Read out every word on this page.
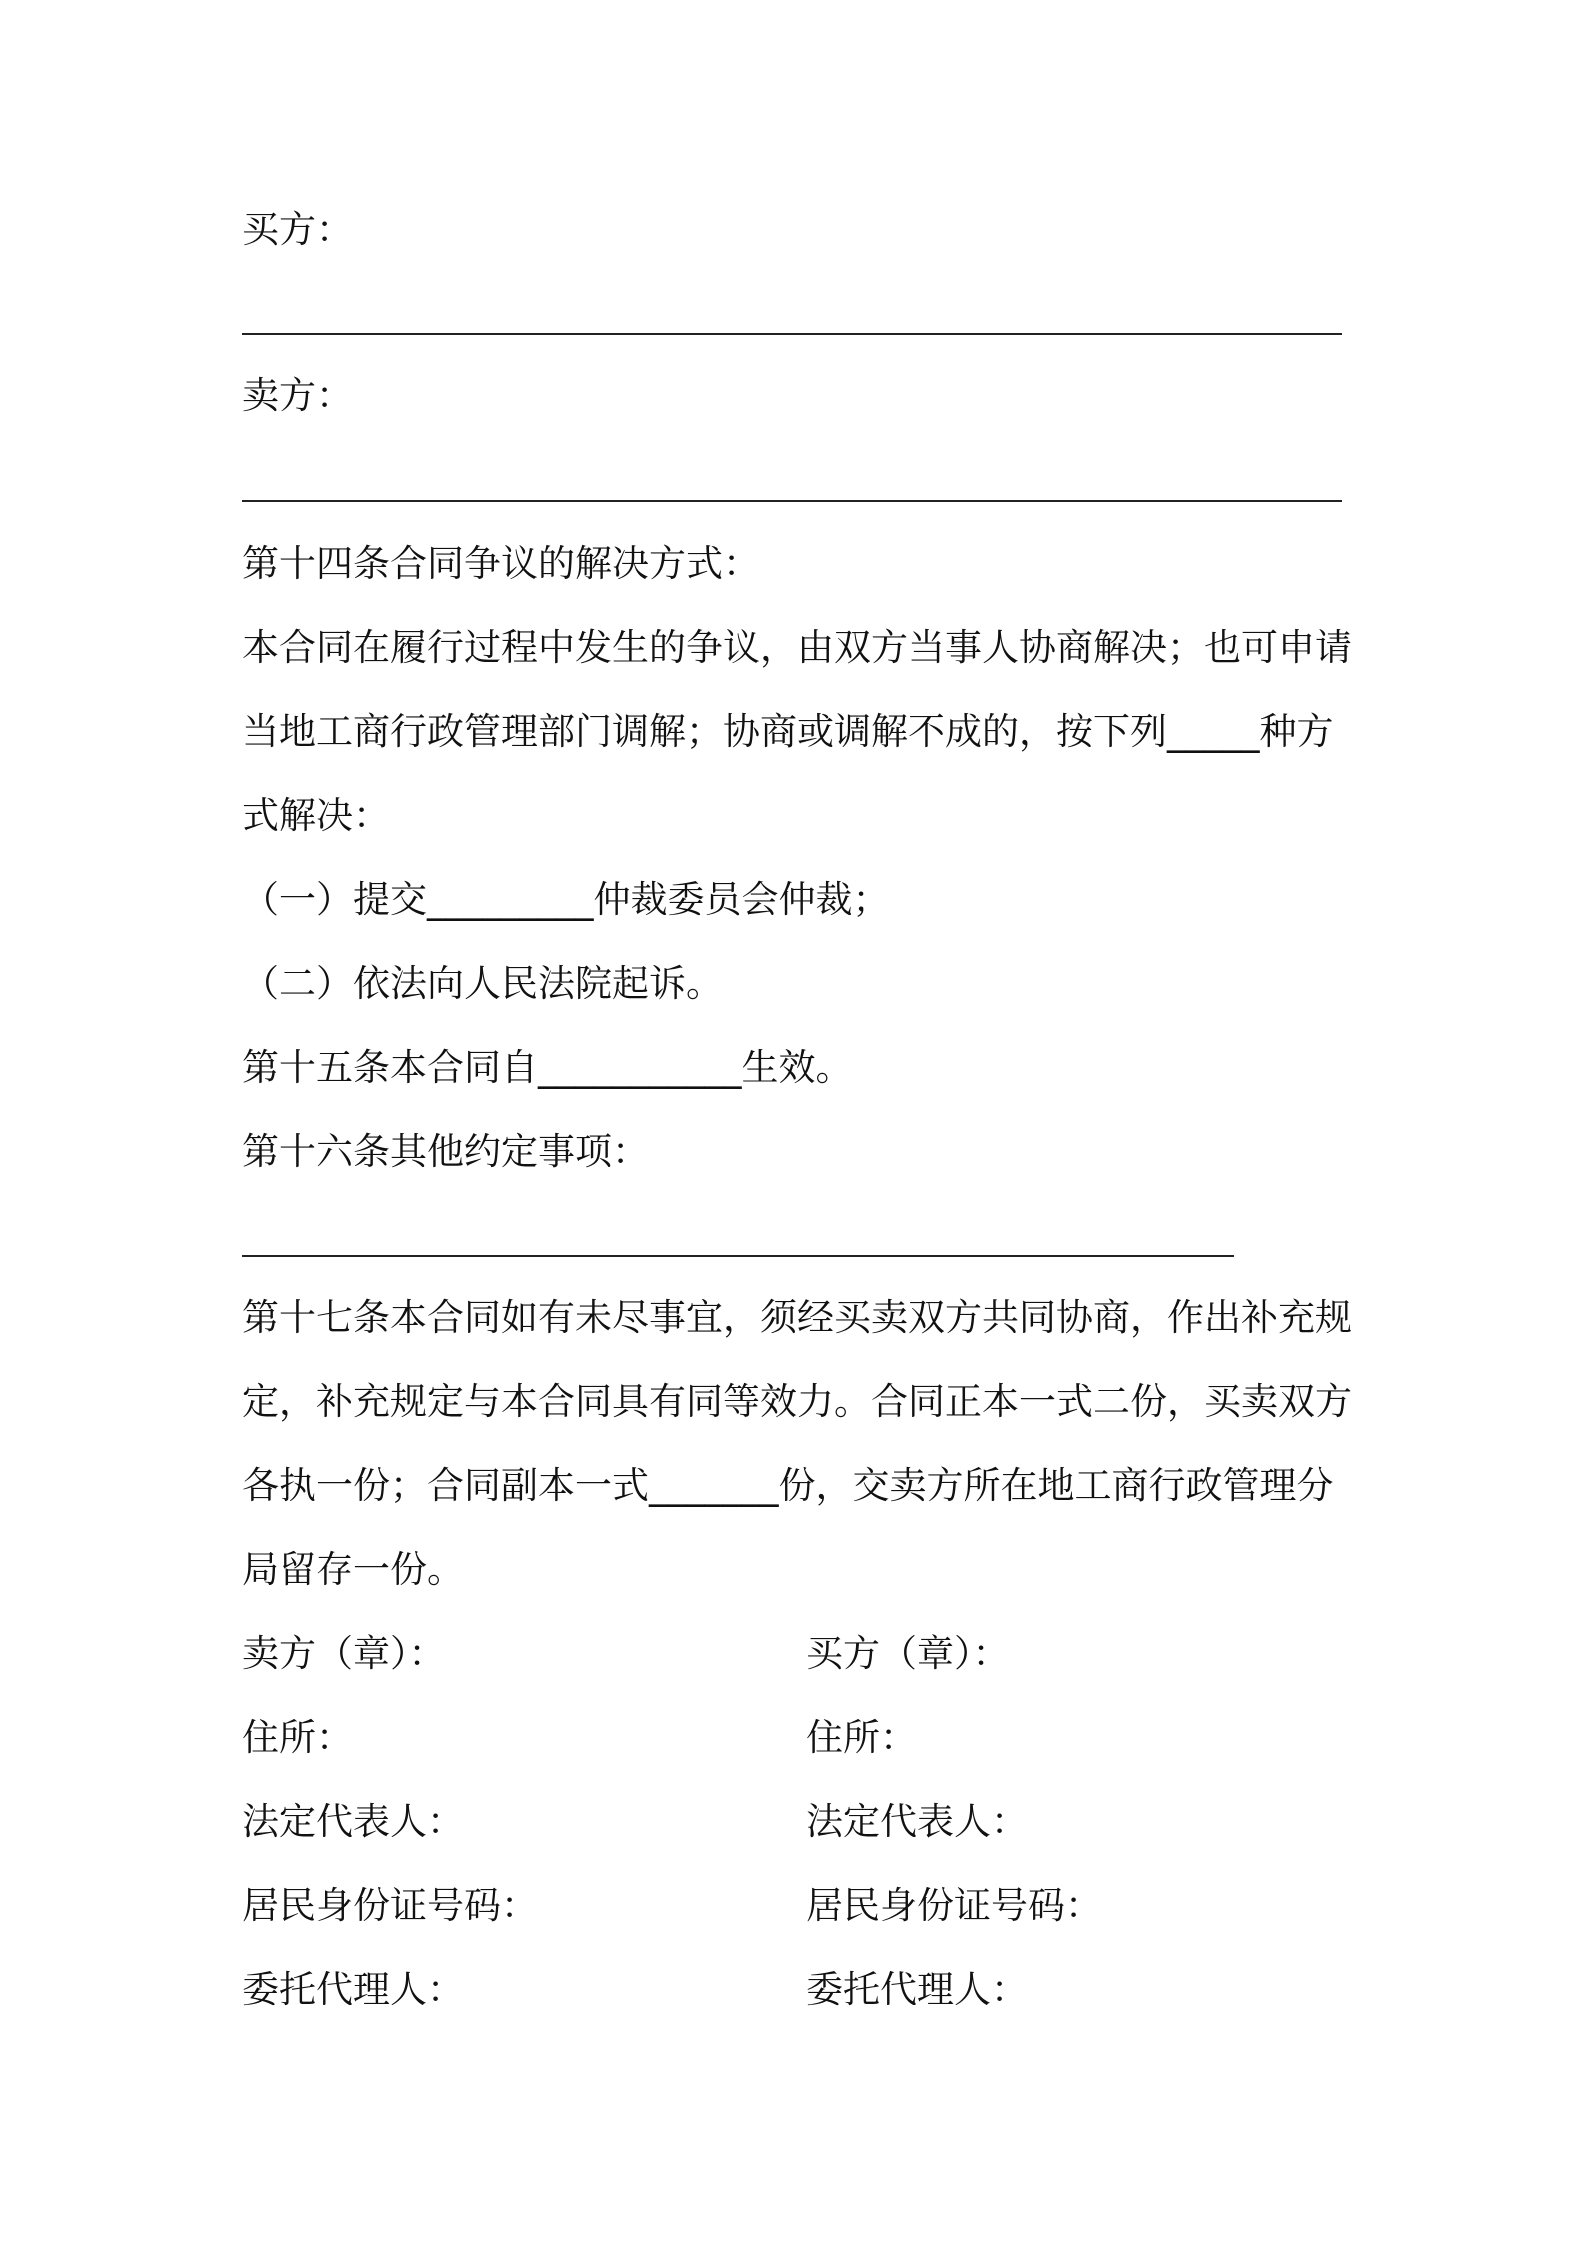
买方：
卖方：
第十四条合同争议的解决方式：
本合同在履行过程中发生的争议，由双方当事人协商解决；也可申请
当地工商行政管理部门调解；协商或调解不成的，按下列_____种方
式解决：
（一）提交_________仲裁委员会仲裁；
（二）依法向人民法院起诉。
第十五条本合同自___________生效。
第十六条其他约定事项：
第十七条本合同如有未尽事宜，须经买卖双方共同协商，作出补充规
定，补充规定与本合同具有同等效力。合同正本一式二份，买卖双方
各执一份；合同副本一式_______份，交卖方所在地工商行政管理分
局留存一份。
卖方（章）：	买方（章）：
住所：	住所：
法定代表人：	法定代表人：
居民身份证号码：	居民身份证号码：
委托代理人：	委托代理人：
